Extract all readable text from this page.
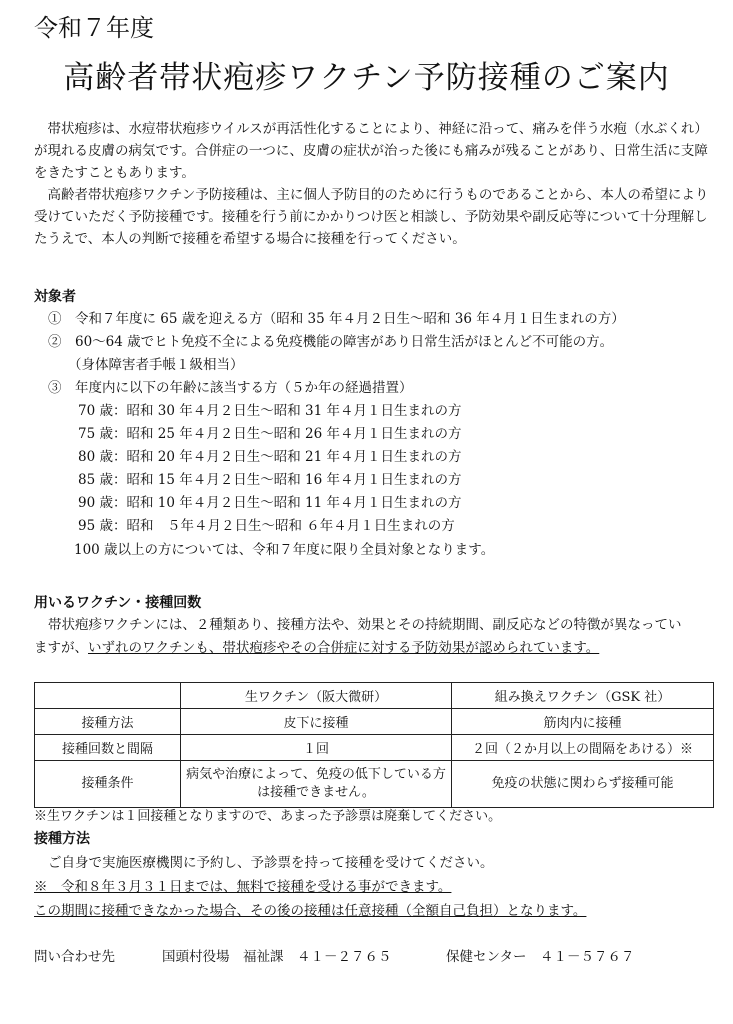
令和７年度
高齢者帯状疱疹ワクチン予防接種のご案内
帯状疱疹は、水痘帯状疱疹ウイルスが再活性化することにより、神経に沿って、痛みを伴う水疱（水ぶくれ）が現れる皮膚の病気です。合併症の一つに、皮膚の症状が治った後にも痛みが残ることがあり、日常生活に支障をきたすこともあります。
高齢者帯状疱疹ワクチン予防接種は、主に個人予防目的のために行うものであることから、本人の希望により受けていただく予防接種です。接種を行う前にかかりつけ医と相談し、予防効果や副反応等について十分理解したうえで、本人の判断で接種を希望する場合に接種を行ってください。
対象者
①　令和７年度に 65 歳を迎える方（昭和 35 年４月２日生～昭和 36 年４月１日生まれの方）
②　60～64 歳でヒト免疫不全による免疫機能の障害があり日常生活がほとんど不可能の方。
（身体障害者手帳１級相当）
③　年度内に以下の年齢に該当する方（５か年の経過措置）
70 歳：昭和 30 年４月２日生～昭和 31 年４月１日生まれの方
75 歳：昭和 25 年４月２日生～昭和 26 年４月１日生まれの方
80 歳：昭和 20 年４月２日生～昭和 21 年４月１日生まれの方
85 歳：昭和 15 年４月２日生～昭和 16 年４月１日生まれの方
90 歳：昭和 10 年４月２日生～昭和 11 年４月１日生まれの方
95 歳：昭和　５年４月２日生～昭和 ６年４月１日生まれの方
100 歳以上の方については、令和７年度に限り全員対象となります。
用いるワクチン・接種回数
帯状疱疹ワクチンには、２種類あり、接種方法や、効果とその持続期間、副反応などの特徴が異なってい
ますが、いずれのワクチンも、帯状疱疹やその合併症に対する予防効果が認められています。
	生ワクチン（阪大微研）	組み換えワクチン（GSK 社）
接種方法	皮下に接種	筋肉内に接種
接種回数と間隔	１回	２回（２か月以上の間隔をあける）※
接種条件	病気や治療によって、免疫の低下している方は接種できません。	免疫の状態に関わらず接種可能
※生ワクチンは１回接種となりますので、あまった予診票は廃棄してください。
接種方法
ご自身で実施医療機関に予約し、予診票を持って接種を受けてください。
※　令和８年３月３１日までは、無料で接種を受ける事ができます。
この期間に接種できなかった場合、その後の接種は任意接種（全額自己負担）となります。
問い合わせ先	国頭村役場　福祉課　４１－２７６５	保健センター　４１－５７６７
